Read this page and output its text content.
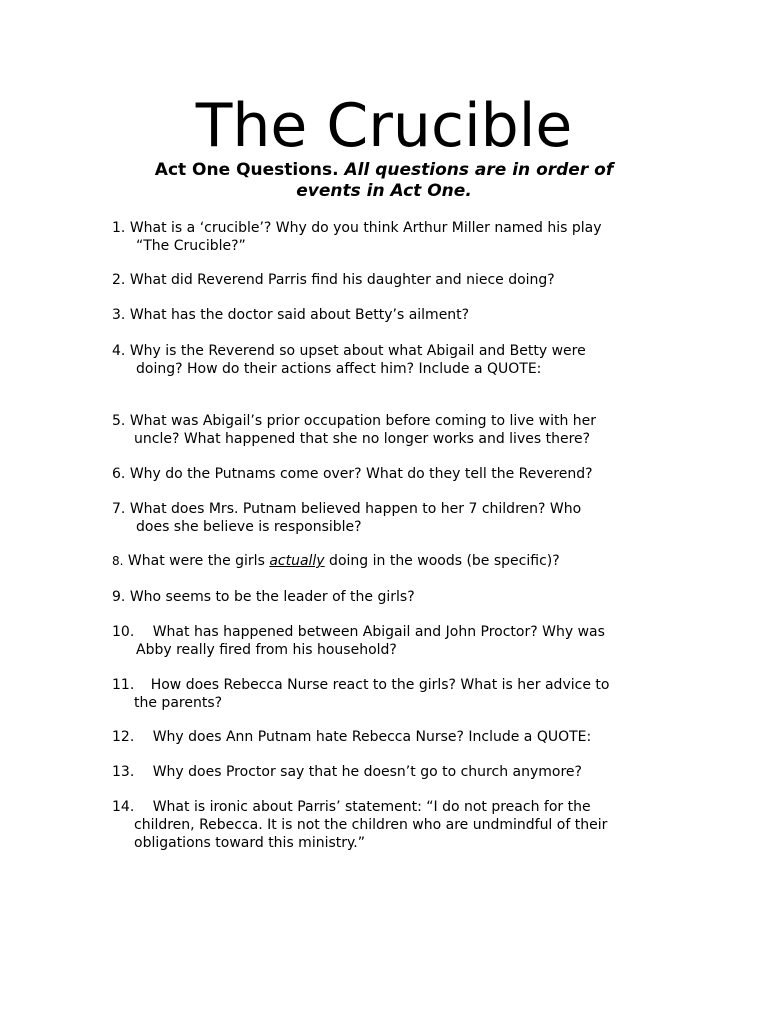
The Crucible

Act One Questions. All questions are in order of events in Act One.

1. What is a ‘crucible’? Why do you think Arthur Miller named his play
“The Crucible?”
2. What did Reverend Parris find his daughter and niece doing?
3. What has the doctor said about Betty’s ailment?
4. Why is the Reverend so upset about what Abigail and Betty were
doing? How do their actions affect him? Include a QUOTE:
5. What was Abigail’s prior occupation before coming to live with her
uncle? What happened that she no longer works and lives there?
6. Why do the Putnams come over? What do they tell the Reverend?
7. What does Mrs. Putnam believed happen to her 7 children? Who
does she believe is responsible?
8. What were the girls actually doing in the woods (be specific)?
9. Who seems to be the leader of the girls?
10. What has happened between Abigail and John Proctor? Why was
Abby really fired from his household?
11. How does Rebecca Nurse react to the girls? What is her advice to
the parents?
12. Why does Ann Putnam hate Rebecca Nurse? Include a QUOTE:
13. Why does Proctor say that he doesn’t go to church anymore?
14. What is ironic about Parris’ statement: “I do not preach for the
children, Rebecca. It is not the children who are undmindful of their
obligations toward this ministry.”
